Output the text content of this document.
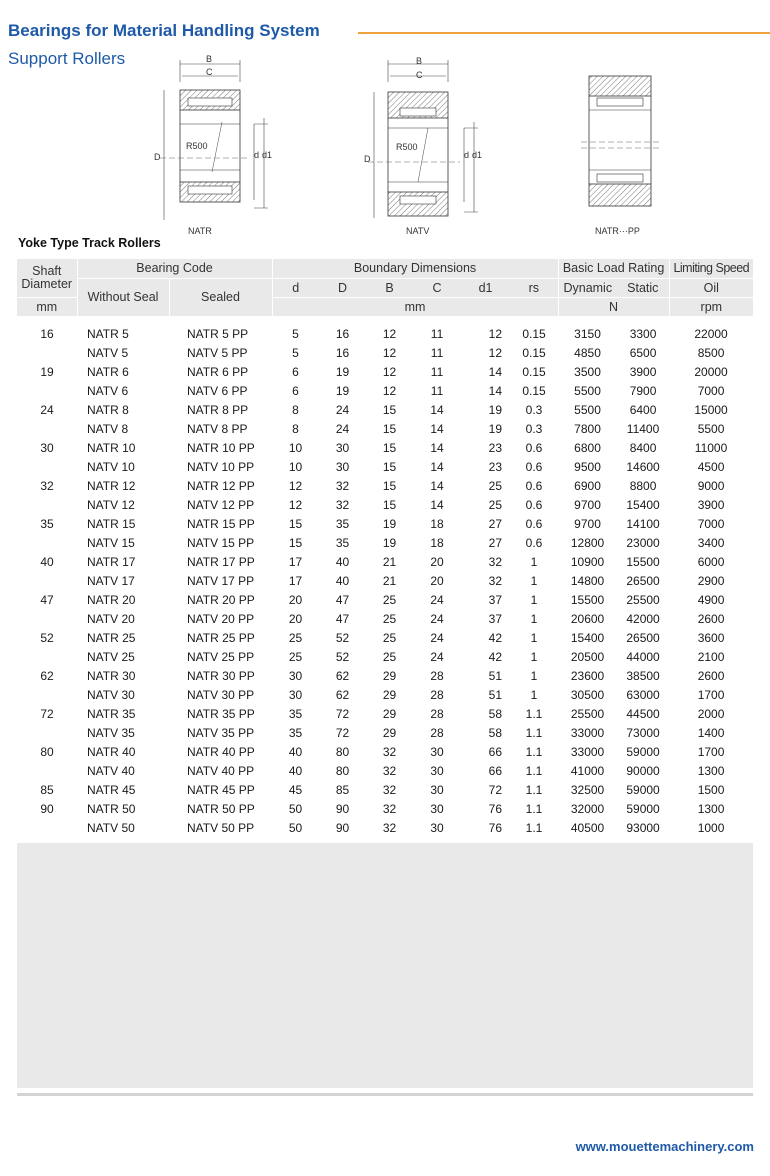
Bearings for Material Handling System
Support Rollers	B
C
R500
D	d d1
NATR
B
C
R500
D	d d1
NATV	NATR···PP
Yoke Type Track Rollers
Shaft
Diameter	Bearing Code		Boundary Dimensions						Basic Load Rating		Limiting Speed
	Without Seal	Sealed	d	D	B	C	d1	rs	Dynamic	Static	Oil
mm			mm						N		rpm

16	NATR 5	NATR 5 PP	5	16	12	11	12	0.15	3150	3300	22000
	NATV 5	NATV 5 PP	5	16	12	11	12	0.15	4850	6500	8500
19	NATR 6	NATR 6 PP	6	19	12	11	14	0.15	3500	3900	20000
	NATV 6	NATV 6 PP	6	19	12	11	14	0.15	5500	7900	7000
24	NATR 8	NATR 8 PP	8	24	15	14	19	0.3	5500	6400	15000
	NATV 8	NATV 8 PP	8	24	15	14	19	0.3	7800	11400	5500
30	NATR 10	NATR 10 PP	10	30	15	14	23	0.6	6800	8400	11000
	NATV 10	NATV 10 PP	10	30	15	14	23	0.6	9500	14600	4500
32	NATR 12	NATR 12 PP	12	32	15	14	25	0.6	6900	8800	9000
	NATV 12	NATV 12 PP	12	32	15	14	25	0.6	9700	15400	3900
35	NATR 15	NATR 15 PP	15	35	19	18	27	0.6	9700	14100	7000
	NATV 15	NATV 15 PP	15	35	19	18	27	0.6	12800	23000	3400
40	NATR 17	NATR 17 PP	17	40	21	20	32	1	10900	15500	6000
	NATV 17	NATV 17 PP	17	40	21	20	32	1	14800	26500	2900
47	NATR 20	NATR 20 PP	20	47	25	24	37	1	15500	25500	4900
	NATV 20	NATV 20 PP	20	47	25	24	37	1	20600	42000	2600
52	NATR 25	NATR 25 PP	25	52	25	24	42	1	15400	26500	3600
	NATV 25	NATV 25 PP	25	52	25	24	42	1	20500	44000	2100
62	NATR 30	NATR 30 PP	30	62	29	28	51	1	23600	38500	2600
	NATV 30	NATV 30 PP	30	62	29	28	51	1	30500	63000	1700
72	NATR 35	NATR 35 PP	35	72	29	28	58	1.1	25500	44500	2000
	NATV 35	NATV 35 PP	35	72	29	28	58	1.1	33000	73000	1400
80	NATR 40	NATR 40 PP	40	80	32	30	66	1.1	33000	59000	1700
	NATV 40	NATV 40 PP	40	80	32	30	66	1.1	41000	90000	1300
85	NATR 45	NATR 45 PP	45	85	32	30	72	1.1	32500	59000	1500
90	NATR 50	NATR 50 PP	50	90	32	30	76	1.1	32000	59000	1300
	NATV 50	NATV 50 PP	50	90	32	30	76	1.1	40500	93000	1000
www.mouettemachinery.com
